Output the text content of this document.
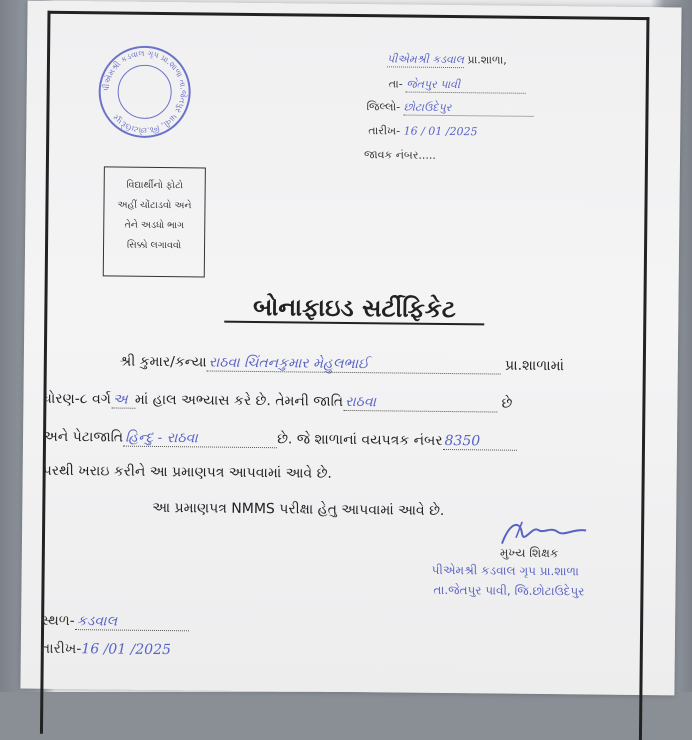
પીએમશ્રી કડવાલ ગૃપ પ્રા.શાળા તા.જેતપુર પાવી, જિ.છોટાઉદેપુર
પીએમશ્રી કડવાલ પ્રા.શાળા,
તા- જેતપુર પાવી
જિલ્લો- છોટાઉદેપુર
તારીખ- 16 / 01 /2025
જાવક નંબર.....
વિદ્યાર્થીનો ફોટો
અહીં ચોંટાડવો અને
તેને અડધો ભાગ
સિક્કો લગાવવો
બોનાફાઇડ સર્ટીફિકેટ
શ્રી કુમાર/કન્યા રાઠવા ચિંતનકુમાર મેહુલભાઈ	પ્રા.શાળામાં
ધોરણ-૮ વર્ગ અ માં હાલ અભ્યાસ કરે છે. તેમની જાતિ રાઠવા	છે
અને પેટાજાતિ હિન્દુ - રાઠવા	છે. જે શાળાનાં વયપત્રક નંબર 8350
પરથી ખરાઇ કરીને આ પ્રમાણપત્ર આપવામાં આવે છે.
આ પ્રમાણપત્ર NMMS પરીક્ષા હેતુ આપવામાં આવે છે.
મુખ્ય શિક્ષક
પીએમશ્રી કડવાલ ગૃપ પ્રા.શાળા
તા.જેતપુર પાવી, જિ.છોટાઉદેપુર
સ્થળ- કડવાલ
તારીખ-16 /01 /2025
